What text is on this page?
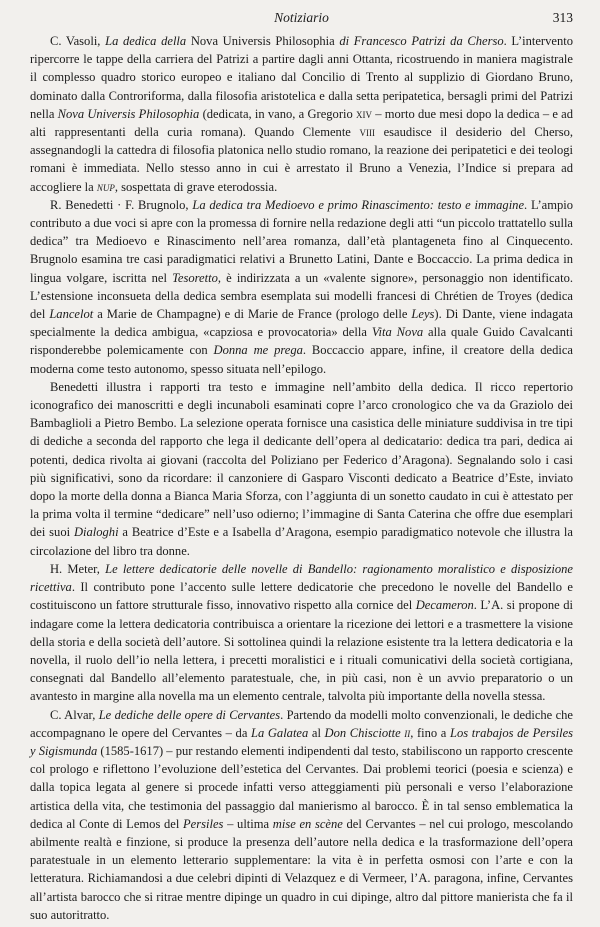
Notiziario	313

C. Vasoli, La dedica della Nova Universis Philosophia di Francesco Patrizi da Cherso. L’intervento ripercorre le tappe della carriera del Patrizi a partire dagli anni Ottanta, ricostruendo in maniera magistrale il complesso quadro storico europeo e italiano dal Concilio di Trento al supplizio di Giordano Bruno, dominato dalla Controriforma, dalla filosofia aristotelica e dalla setta peripatetica, bersagli primi del Patrizi nella Nova Universis Philosophia (dedicata, in vano, a Gregorio xiv – morto due mesi dopo la dedica – e ad alti rappresentanti della curia romana). Quando Clemente viii esaudisce il desiderio del Cherso, assegnandogli la cattedra di filosofia platonica nello studio romano, la reazione dei peripatetici e dei teologi romani è immediata. Nello stesso anno in cui è arrestato il Bruno a Venezia, l’Indice si prepara ad accogliere la nup, sospettata di grave eterodossia.

R. Benedetti · F. Brugnolo, La dedica tra Medioevo e primo Rinascimento: testo e immagine. L’ampio contributo a due voci si apre con la promessa di fornire nella redazione degli atti “un piccolo trattatello sulla dedica” tra Medioevo e Rinascimento nell’area romanza, dall’età plantageneta fino al Cinquecento. Brugnolo esamina tre casi paradigmatici relativi a Brunetto Latini, Dante e Boccaccio. La prima dedica in lingua volgare, iscritta nel Tesoretto, è indirizzata a un «valente signore», personaggio non identificato. L’estensione inconsueta della dedica sembra esemplata sui modelli francesi di Chrétien de Troyes (dedica del Lancelot a Marie de Champagne) e di Marie de France (prologo delle Leys). Di Dante, viene indagata specialmente la dedica ambigua, «capziosa e provocatoria» della Vita Nova alla quale Guido Cavalcanti risponderebbe polemicamente con Donna me prega. Boccaccio appare, infine, il creatore della dedica moderna come testo autonomo, spesso situata nell’epilogo.

Benedetti illustra i rapporti tra testo e immagine nell’ambito della dedica. Il ricco repertorio iconografico dei manoscritti e degli incunaboli esaminati copre l’arco cronologico che va da Graziolo dei Bambaglioli a Pietro Bembo. La selezione operata fornisce una casistica delle miniature suddivisa in tre tipi di dediche a seconda del rapporto che lega il dedicante dell’opera al dedicatario: dedica tra pari, dedica ai potenti, dedica rivolta ai giovani (raccolta del Poliziano per Federico d’Aragona). Segnalando solo i casi più significativi, sono da ricordare: il canzoniere di Gasparo Visconti dedicato a Beatrice d’Este, inviato dopo la morte della donna a Bianca Maria Sforza, con l’aggiunta di un sonetto caudato in cui è attestato per la prima volta il termine “dedicare” nell’uso odierno; l’immagine di Santa Caterina che offre due esemplari dei suoi Dialoghi a Beatrice d’Este e a Isabella d’Aragona, esempio paradigmatico notevole che illustra la circolazione del libro tra donne.

H. Meter, Le lettere dedicatorie delle novelle di Bandello: ragionamento moralistico e disposizione ricettiva. Il contributo pone l’accento sulle lettere dedicatorie che precedono le novelle del Bandello e costituiscono un fattore strutturale fisso, innovativo rispetto alla cornice del Decameron. L’A. si propone di indagare come la lettera dedicatoria contribuisca a orientare la ricezione dei lettori e a trasmettere la visione della storia e della società dell’autore. Si sottolinea quindi la relazione esistente tra la lettera dedicatoria e la novella, il ruolo dell’io nella lettera, i precetti moralistici e i rituali comunicativi della società cortigiana, consegnati dal Bandello all’elemento paratestuale, che, in più casi, non è un avvio preparatorio o un avantesto in margine alla novella ma un elemento centrale, talvolta più importante della novella stessa.

C. Alvar, Le dediche delle opere di Cervantes. Partendo da modelli molto convenzionali, le dediche che accompagnano le opere del Cervantes – da La Galatea al Don Chisciotte ii, fino a Los trabajos de Persiles y Sigismunda (1585-1617) – pur restando elementi indipendenti dal testo, stabiliscono un rapporto crescente col prologo e riflettono l’evoluzione dell’estetica del Cervantes. Dai problemi teorici (poesia e scienza) e dalla topica legata al genere si procede infatti verso atteggiamenti più personali e verso l’elaborazione artistica della vita, che testimonia del passaggio dal manierismo al barocco. È in tal senso emblematica la dedica al Conte di Lemos del Persiles – ultima mise en scène del Cervantes – nel cui prologo, mescolando abilmente realtà e finzione, si produce la presenza dell’autore nella dedica e la trasformazione dell’opera paratestuale in un elemento letterario supplementare: la vita è in perfetta osmosi con l’arte e con la letteratura. Richiamandosi a due celebri dipinti di Velazquez e di Vermeer, l’A. paragona, infine, Cervantes all’artista barocco che si ritrae mentre dipinge un quadro in cui dipinge, altro dal pittore manierista che fa il suo autoritratto.
